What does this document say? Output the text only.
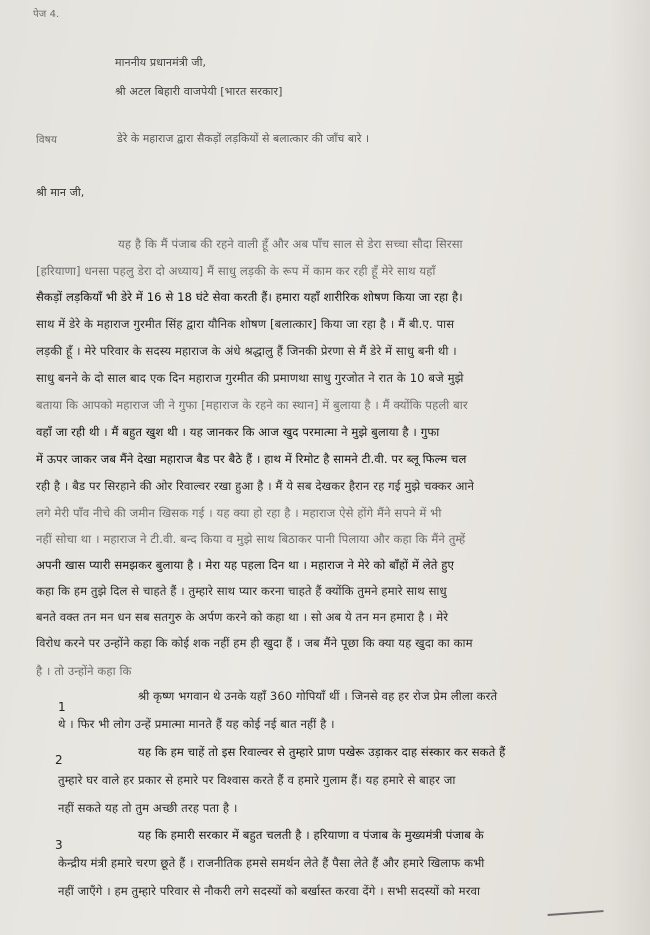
पेज 4.
माननीय प्रधानमंत्री जी,
श्री अटल बिहारी वाजपेयी [भारत सरकार]
विषय	डेरे के महाराज द्वारा सैकड़ों लड़कियों से बलात्कार की जाँच बारे ।
श्री मान जी,
यह है कि मैं पंजाब की रहने वाली हूँ और अब पाँच साल से डेरा सच्चा सौदा सिरसा
[हरियाणा] धनसा पहलु डेरा दो अध्याय] मैं साधु लड़की के रूप में काम कर रही हूँ मेरे साथ यहाँ
सैकड़ों लड़कियाँ भी डेरे में 16 से 18 घंटे सेवा करती हैं। हमारा यहाँ शारीरिक शोषण किया जा रहा है।
साथ में डेरे के महाराज गुरमीत सिंह द्वारा यौनिक शोषण [बलात्कार] किया जा रहा है । मैं बी.ए. पास
लड़की हूँ । मेरे परिवार के सदस्य महाराज के अंधे श्रद्धालु हैं जिनकी प्रेरणा से मैं डेरे में साधु बनी थी ।
साधु बनने के दो साल बाद एक दिन महाराज गुरमीत की प्रमाणथा साधु गुरजोत ने रात के 10 बजे मुझे
बताया कि आपको महाराज जी ने गुफा [महाराज के रहने का स्थान] में बुलाया है । मैं क्योंकि पहली बार
वहाँ जा रही थी । मैं बहुत खुश थी । यह जानकर कि आज खुद परमात्मा ने मुझे बुलाया है । गुफा
में ऊपर जाकर जब मैंने देखा महाराज बैड पर बैठे हैं । हाथ में रिमोट है सामने टी.वी. पर ब्लू फिल्म चल
रही है । बैड पर सिरहाने की ओर रिवाल्वर रखा हुआ है । मैं ये सब देखकर हैरान रह गई मुझे चक्कर आने
लगे मेरी पाँव नीचे की जमीन खिसक गई । यह क्या हो रहा है । महाराज ऐसे होंगे मैंने सपने में भी
नहीं सोचा था । महाराज ने टी.वी. बन्द किया व मुझे साथ बिठाकर पानी पिलाया और कहा कि मैंने तुम्हें
अपनी खास प्यारी समझकर बुलाया है । मेरा यह पहला दिन था । महाराज ने मेरे को बाँहों में लेते हुए
कहा कि हम तुझे दिल से चाहते हैं । तुम्हारे साथ प्यार करना चाहते हैं क्योंकि तुमने हमारे साथ साधु
बनते वक्त तन मन धन सब सतगुरु के अर्पण करने को कहा था । सो अब ये तन मन हमारा है । मेरे
विरोध करने पर उन्होंने कहा कि कोई शक नहीं हम ही खुदा हैं । जब मैंने पूछा कि क्या यह खुदा का काम
है । तो उन्होंने कहा कि
1
श्री कृष्ण भगवान थे उनके यहाँ 360 गोपियाँ थीं । जिनसे वह हर रोज प्रेम लीला करते
थे । फिर भी लोग उन्हें प्रमात्मा मानते हैं यह कोई नई बात नहीं है ।
2
यह कि हम चाहें तो इस रिवाल्वर से तुम्हारे प्राण पखेरू उड़ाकर दाह संस्कार कर सकते हैं
तुम्हारे घर वाले हर प्रकार से हमारे पर विश्वास करते हैं व हमारे गुलाम हैं। यह हमारे से बाहर जा
नहीं सकते यह तो तुम अच्छी तरह पता है ।
3
यह कि हमारी सरकार में बहुत चलती है । हरियाणा व पंजाब के मुख्यमंत्री पंजाब के
केन्द्रीय मंत्री हमारे चरण छूते हैं । राजनीतिक हमसे समर्थन लेते हैं पैसा लेते हैं और हमारे खिलाफ कभी
नहीं जाएँगे । हम तुम्हारे परिवार से नौकरी लगे सदस्यों को बर्खास्त करवा देंगे । सभी सदस्यों को मरवा
